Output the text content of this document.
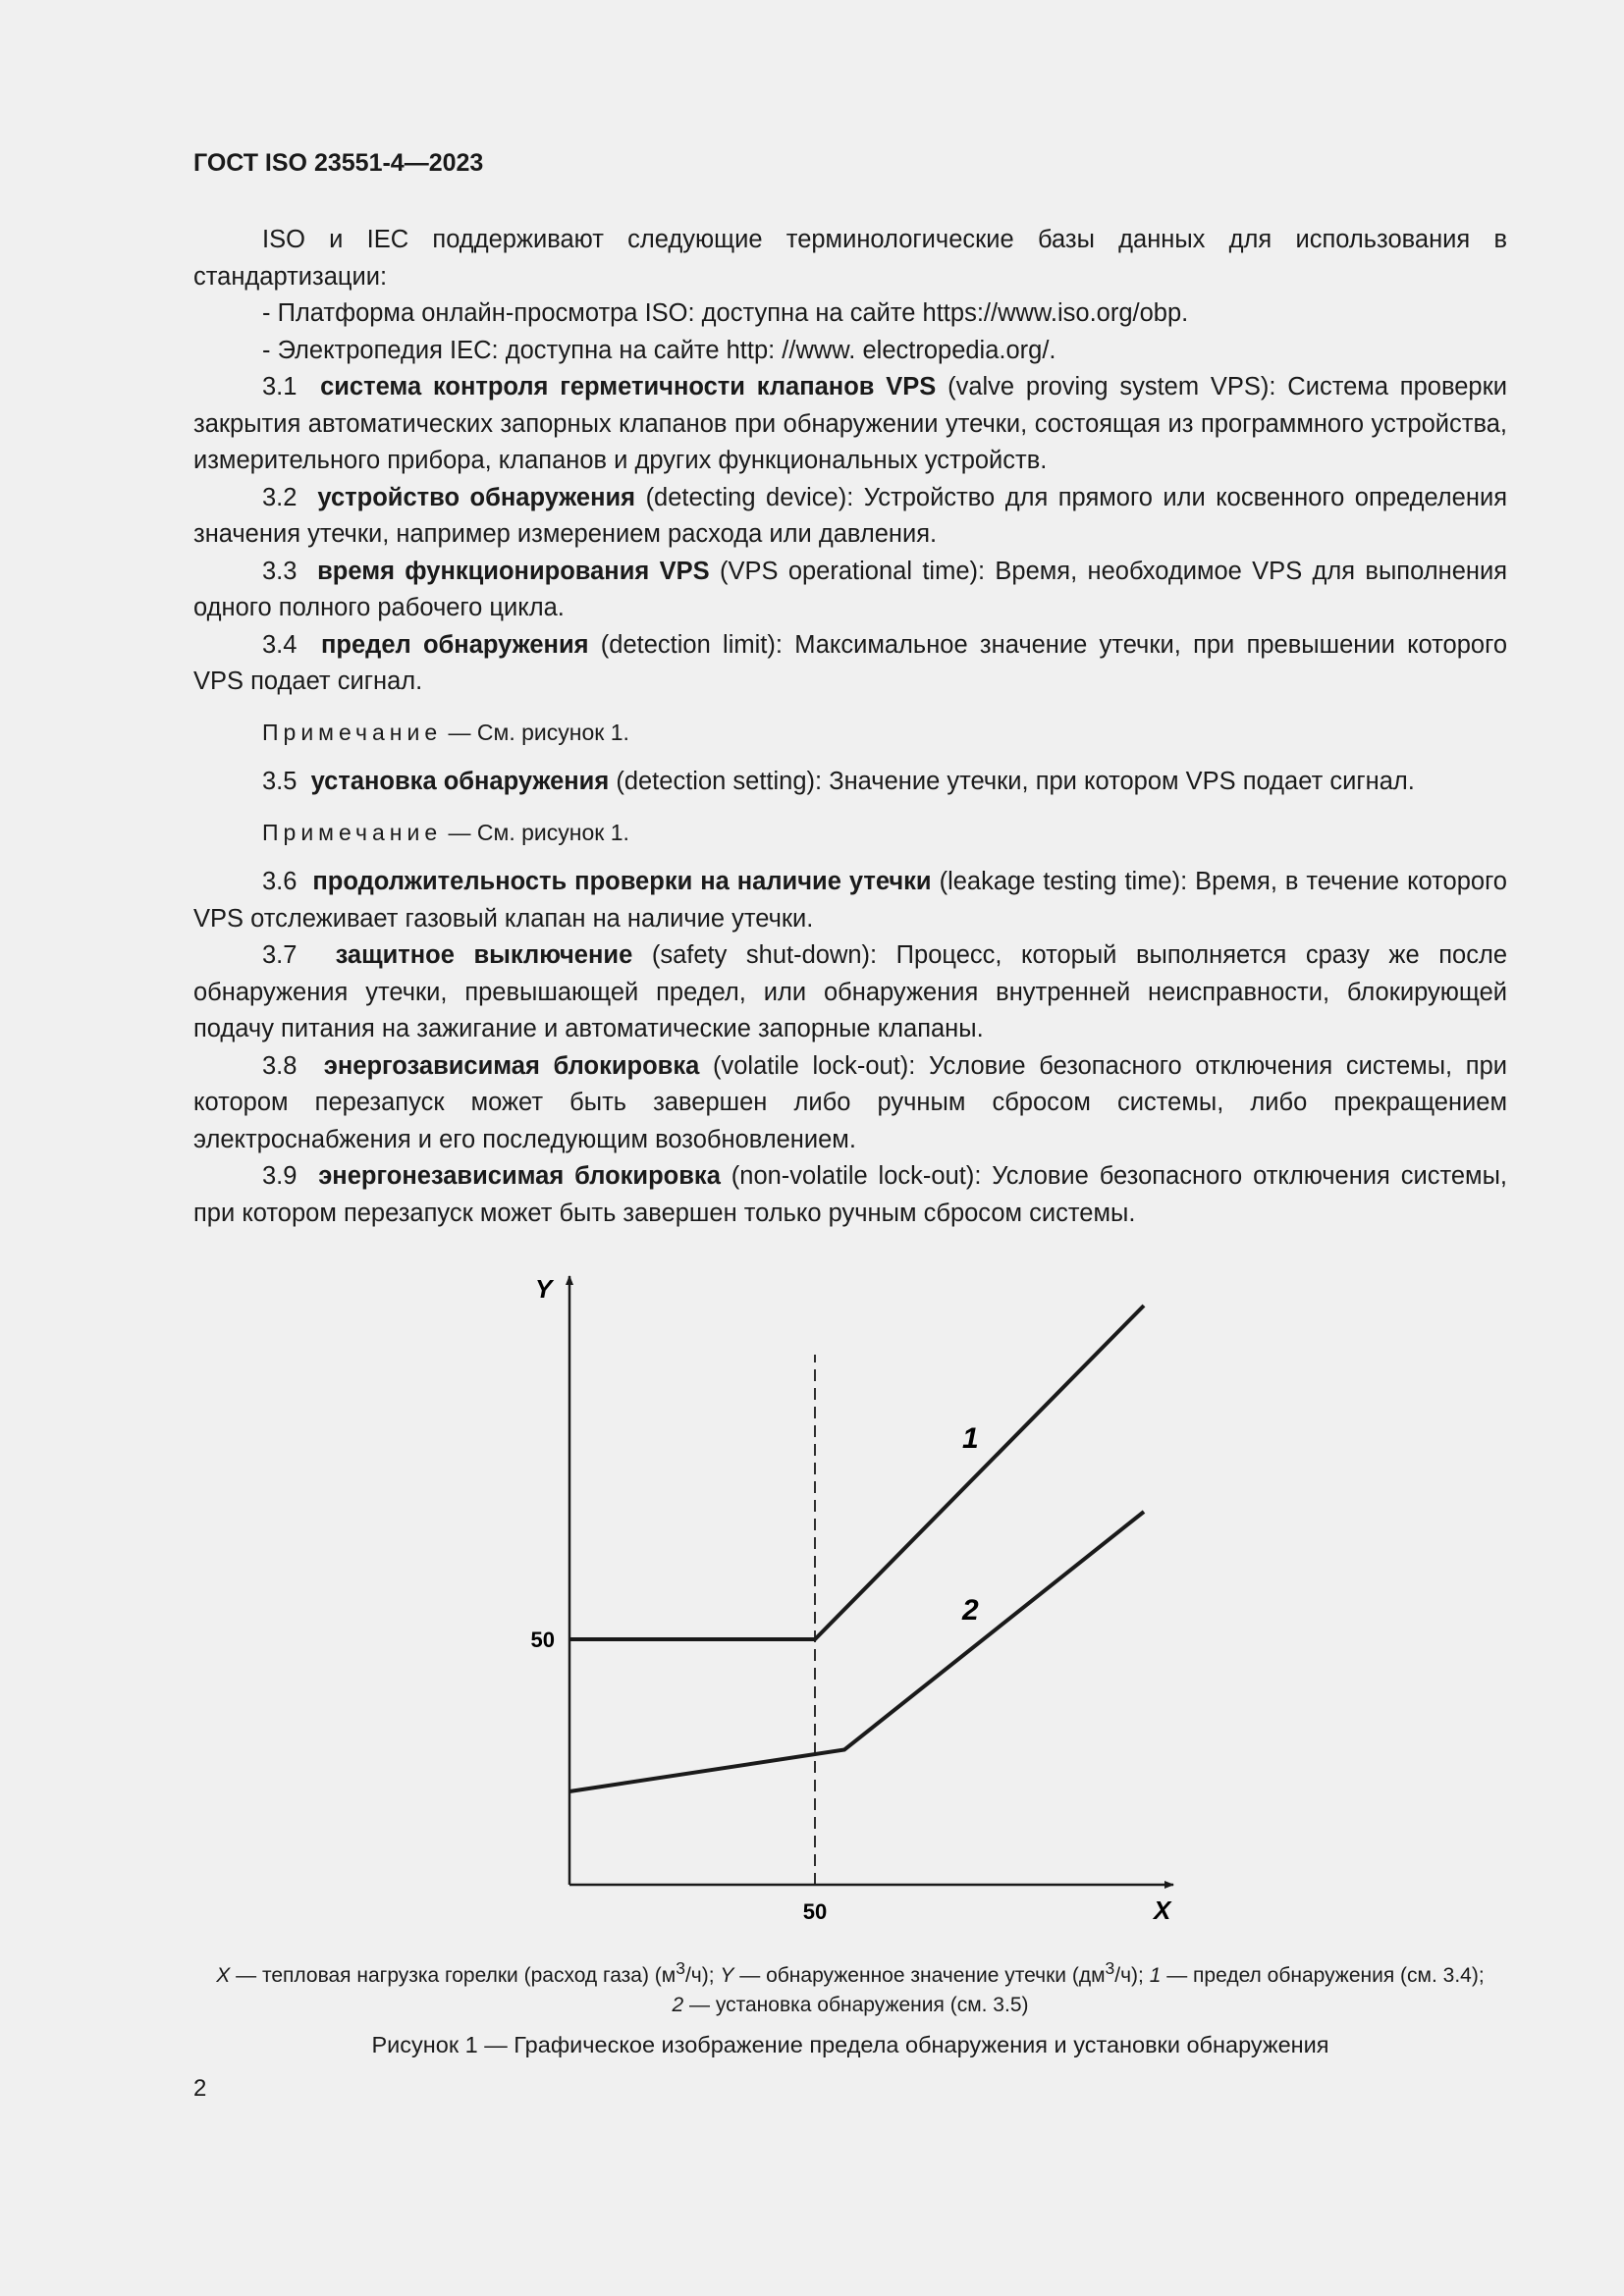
ГОСТ ISO 23551-4—2023
ISO и IEC поддерживают следующие терминологические базы данных для использования в стандартизации:
- Платформа онлайн-просмотра ISO: доступна на сайте https://www.iso.org/obp.
- Электропедия IEC: доступна на сайте http: //www. electropedia.org/.
3.1 система контроля герметичности клапанов VPS (valve proving system VPS): Система проверки закрытия автоматических запорных клапанов при обнаружении утечки, состоящая из программного устройства, измерительного прибора, клапанов и других функциональных устройств.
3.2 устройство обнаружения (detecting device): Устройство для прямого или косвенного определения значения утечки, например измерением расхода или давления.
3.3 время функционирования VPS (VPS operational time): Время, необходимое VPS для выполнения одного полного рабочего цикла.
3.4 предел обнаружения (detection limit): Максимальное значение утечки, при превышении которого VPS подает сигнал.
Примечание — См. рисунок 1.
3.5 установка обнаружения (detection setting): Значение утечки, при котором VPS подает сигнал.
Примечание — См. рисунок 1.
3.6 продолжительность проверки на наличие утечки (leakage testing time): Время, в течение которого VPS отслеживает газовый клапан на наличие утечки.
3.7 защитное выключение (safety shut-down): Процесс, который выполняется сразу же после обнаружения утечки, превышающей предел, или обнаружения внутренней неисправности, блокирующей подачу питания на зажигание и автоматические запорные клапаны.
3.8 энергозависимая блокировка (volatile lock-out): Условие безопасного отключения системы, при котором перезапуск может быть завершен либо ручным сбросом системы, либо прекращением электроснабжения и его последующим возобновлением.
3.9 энергонезависимая блокировка (non-volatile lock-out): Условие безопасного отключения системы, при котором перезапуск может быть завершен только ручным сбросом системы.
X
Y
50
50
1
2
X — тепловая нагрузка горелки (расход газа) $(м^3/ч)$; Y — обнаруженное значение утечки $(дм^3/ч)$; 1 — предел обнаружения (см. 3.4);
2 — установка обнаружения (см. 3.5)
Рисунок 1 — Графическое изображение предела обнаружения и установки обнаружения
2
